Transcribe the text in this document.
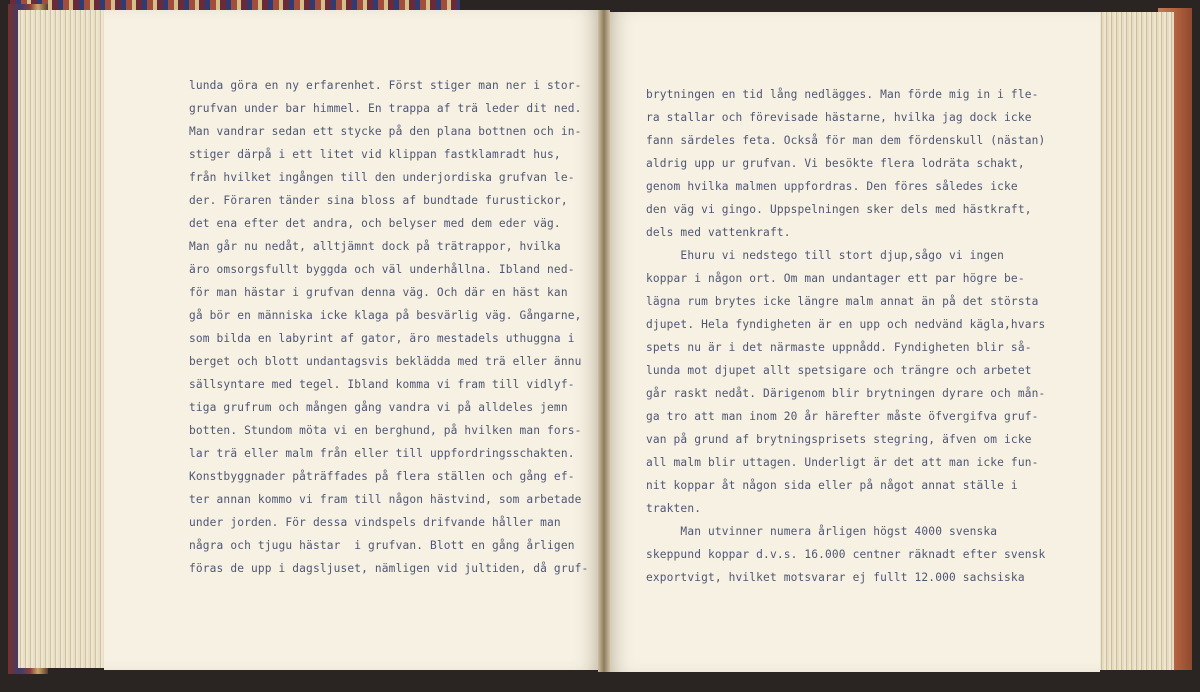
lunda göra en ny erfarenhet. Först stiger man ner i stor-
grufvan under bar himmel. En trappa af trä leder dit ned.
Man vandrar sedan ett stycke på den plana bottnen och in-
stiger därpå i ett litet vid klippan fastklamradt hus,
från hvilket ingången till den underjordiska grufvan le-
der. Föraren tänder sina bloss af bundtade furustickor,
det ena efter det andra, och belyser med dem eder väg.
Man går nu nedåt, alltjämnt dock på trätrappor, hvilka
äro omsorgsfullt byggda och väl underhållna. Ibland ned-
för man hästar i grufvan denna väg. Och där en häst kan
gå bör en människa icke klaga på besvärlig väg. Gångarne,
som bilda en labyrint af gator, äro mestadels uthuggna i
berget och blott undantagsvis beklädda med trä eller ännu
sällsyntare med tegel. Ibland komma vi fram till vidlyf-
tiga grufrum och mången gång vandra vi på alldeles jemn
botten. Stundom möta vi en berghund, på hvilken man fors-
lar trä eller malm från eller till uppfordringsschakten.
Konstbyggnader påträffades på flera ställen och gång ef-
ter annan kommo vi fram till någon hästvind, som arbetade
under jorden. För dessa vindspels drifvande håller man
några och tjugu hästar  i grufvan. Blott en gång årligen
föras de upp i dagsljuset, nämligen vid jultiden, då gruf-
brytningen en tid lång nedlägges. Man förde mig in i fle-
ra stallar och förevisade hästarne, hvilka jag dock icke
fann särdeles feta. Också för man dem fördenskull (nästan)
aldrig upp ur grufvan. Vi besökte flera lodräta schakt,
genom hvilka malmen uppfordras. Den föres således icke
den väg vi gingo. Uppspelningen sker dels med hästkraft,
dels med vattenkraft.
Ehuru vi nedstego till stort djup,sågo vi ingen
koppar i någon ort. Om man undantager ett par högre be-
lägna rum brytes icke längre malm annat än på det största
djupet. Hela fyndigheten är en upp och nedvänd kägla,hvars
spets nu är i det närmaste uppnådd. Fyndigheten blir så-
lunda mot djupet allt spetsigare och trängre och arbetet
går raskt nedåt. Därigenom blir brytningen dyrare och mån-
ga tro att man inom 20 år härefter måste öfvergifva gruf-
van på grund af brytningsprisets stegring, äfven om icke
all malm blir uttagen. Underligt är det att man icke fun-
nit koppar åt någon sida eller på något annat ställe i
trakten.
Man utvinner numera årligen högst 4000 svenska
skeppund koppar d.v.s. 16.000 centner räknadt efter svensk
exportvigt, hvilket motsvarar ej fullt 12.000 sachsiska
